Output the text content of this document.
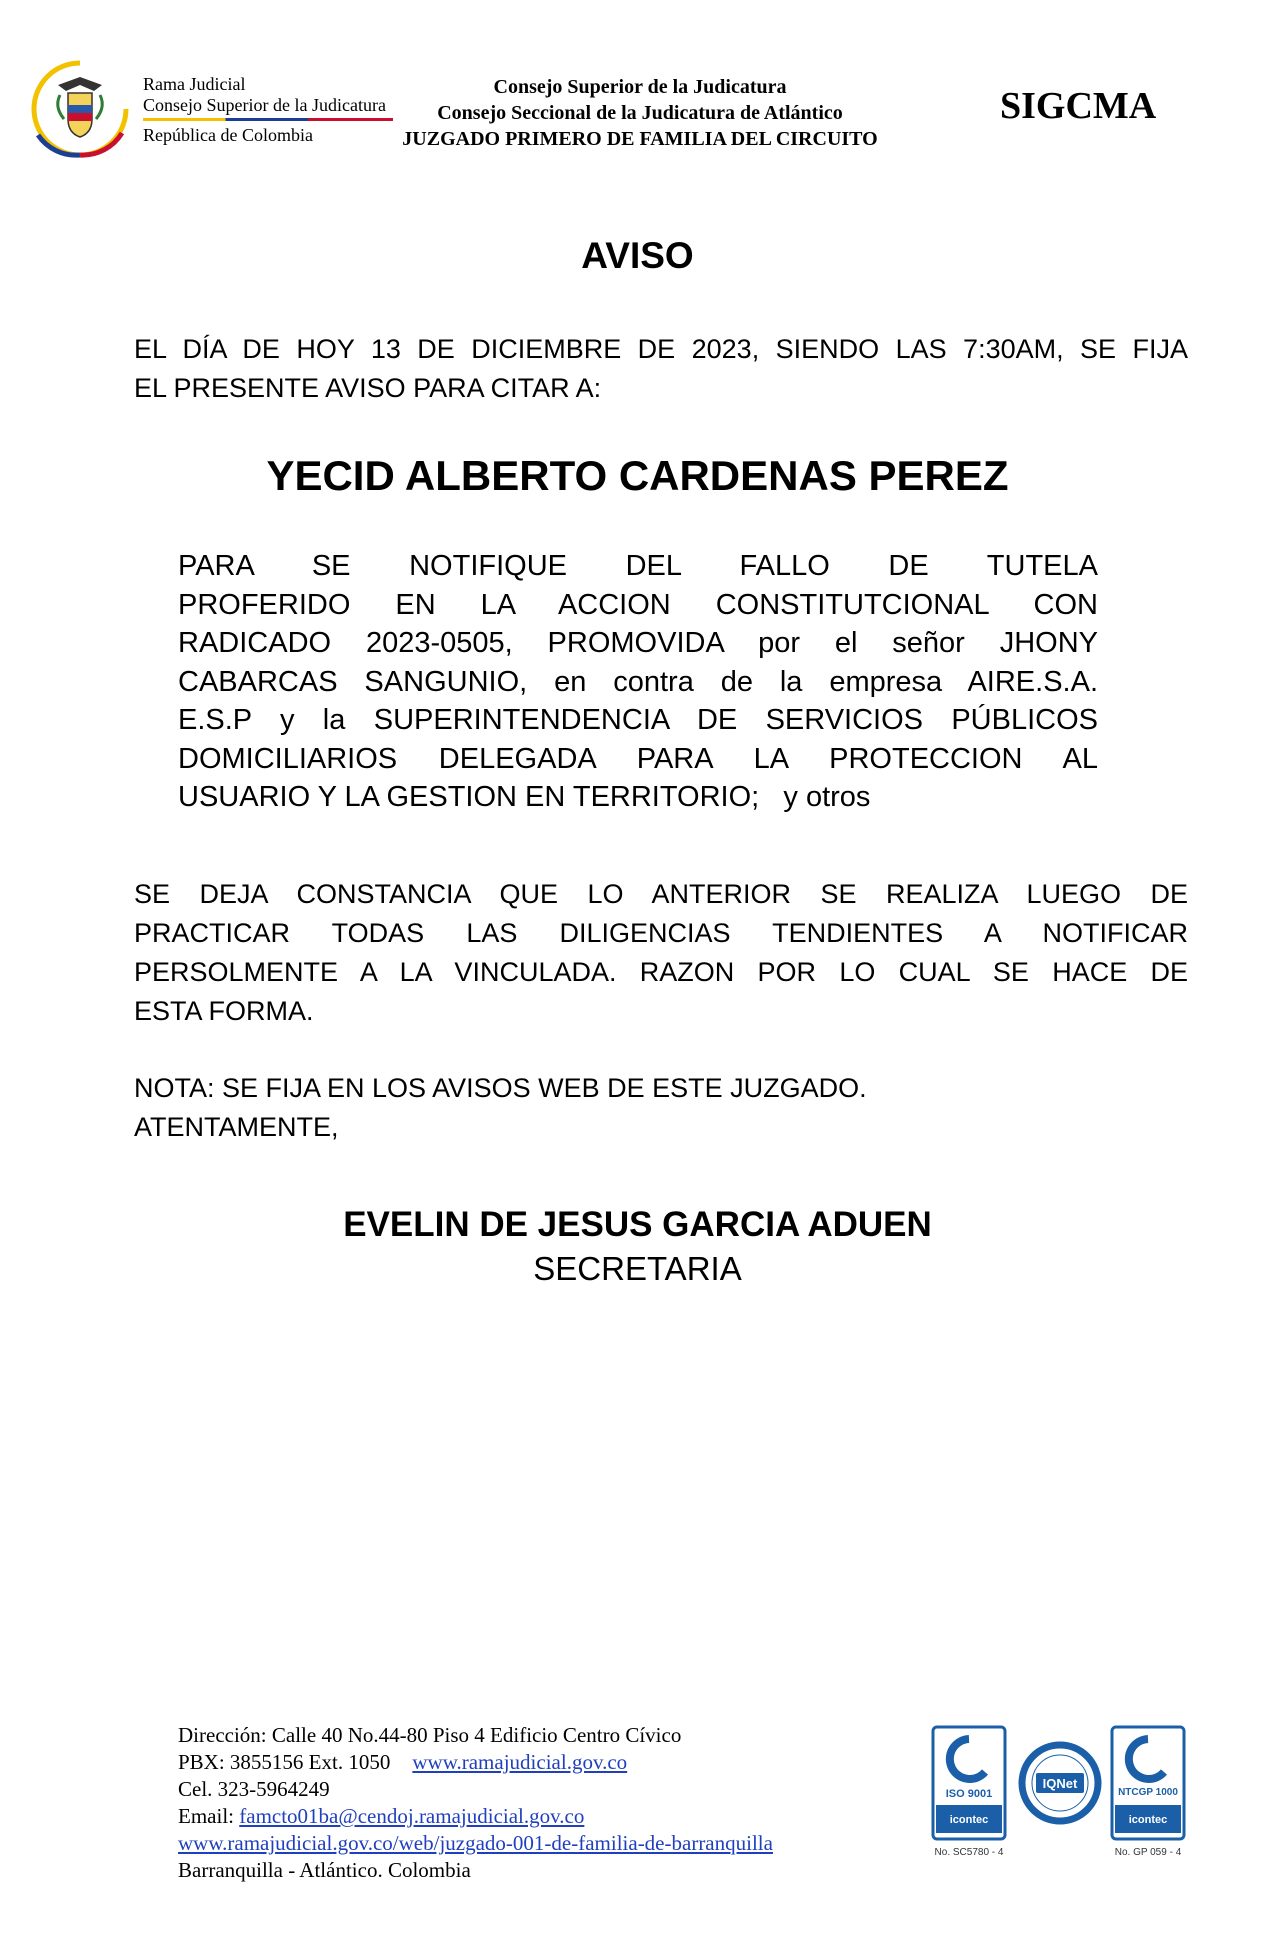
Rama Judicial
Consejo Superior de la Judicatura
República de Colombia
Consejo Superior de la Judicatura
Consejo Seccional de la Judicatura de Atlántico
JUZGADO PRIMERO DE FAMILIA DEL CIRCUITO
SIGCMA
AVISO
EL DÍA DE HOY 13 DE DICIEMBRE DE 2023, SIENDO LAS 7:30AM, SE FIJA
EL PRESENTE AVISO PARA CITAR A:
YECID ALBERTO CARDENAS PEREZ
PARA SE NOTIFIQUE DEL FALLO DE TUTELA
PROFERIDO EN LA ACCION CONSTITUTCIONAL CON
RADICADO 2023-0505, PROMOVIDA por el señor JHONY
CABARCAS SANGUNIO, en contra de la empresa AIRE.S.A.
E.S.P y la SUPERINTENDENCIA DE SERVICIOS PÚBLICOS
DOMICILIARIOS DELEGADA PARA LA PROTECCION AL
USUARIO Y LA GESTION EN TERRITORIO;   y otros
SE DEJA CONSTANCIA QUE LO ANTERIOR SE REALIZA LUEGO DE
PRACTICAR TODAS LAS DILIGENCIAS TENDIENTES A NOTIFICAR
PERSOLMENTE A LA VINCULADA. RAZON POR LO CUAL SE HACE DE
ESTA FORMA.
NOTA: SE FIJA EN LOS AVISOS WEB DE ESTE JUZGADO.
ATENTAMENTE,
EVELIN DE JESUS GARCIA ADUEN
SECRETARIA
Dirección: Calle 40 No.44-80 Piso 4 Edificio Centro Cívico
PBX: 3855156 Ext. 1050 www.ramajudicial.gov.co
Cel. 323-5964249
Email: famcto01ba@cendoj.ramajudicial.gov.co
www.ramajudicial.gov.co/web/juzgado-001-de-familia-de-barranquilla
Barranquilla - Atlántico. Colombia
ISO 9001
icontec
No. SC5780 - 4
IQNet
NTCGP 1000
icontec
No. GP 059 - 4
